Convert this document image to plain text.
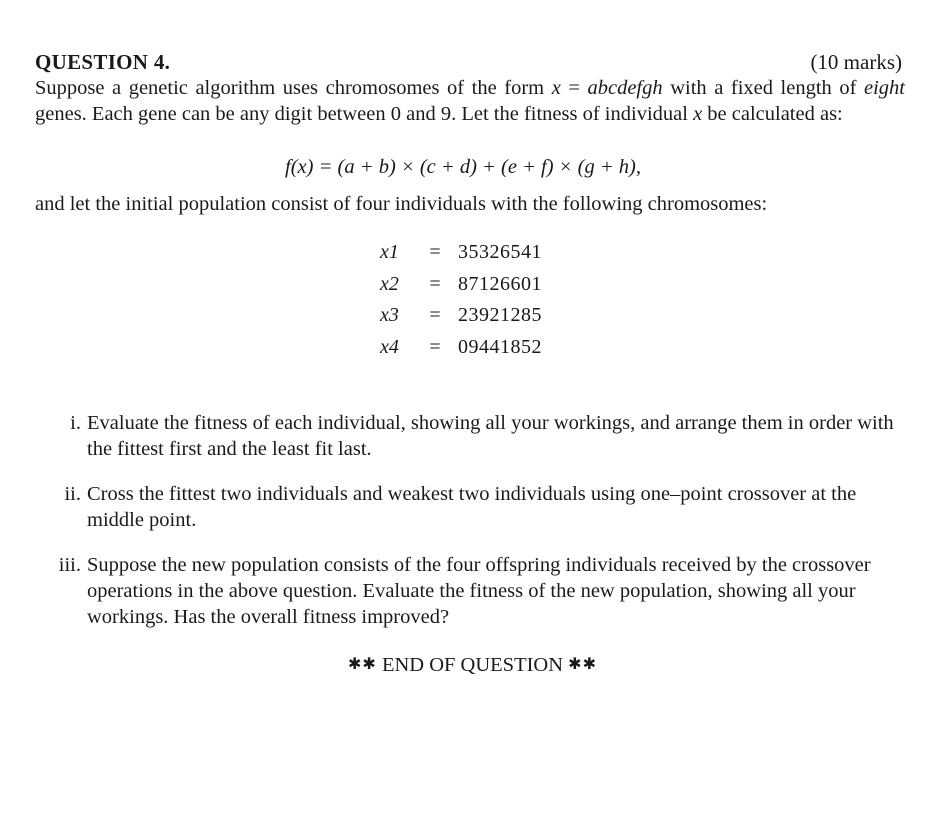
QUESTION 4.	(10 marks)

Suppose a genetic algorithm uses chromosomes of the form x = abcdefgh with a fixed length of eight genes. Each gene can be any digit between 0 and 9. Let the fitness of individual x be calculated as:

f(x) = (a + b) × (c + d) + (e + f) × (g + h),
and let the initial population consist of four individuals with the following chromosomes:
x1	= 35326541
x2	= 87126601
x3	= 23921285
x4	= 09441852
i. Evaluate the fitness of each individual, showing all your workings, and arrange them in order with the fittest first and the least fit last.
ii. Cross the fittest two individuals and weakest two individuals using one–point crossover at the middle point.
iii. Suppose the new population consists of the four offspring individuals received by the crossover operations in the above question. Evaluate the fitness of the new population, showing all your workings. Has the overall fitness improved?
✱✱ END OF QUESTION ✱✱
